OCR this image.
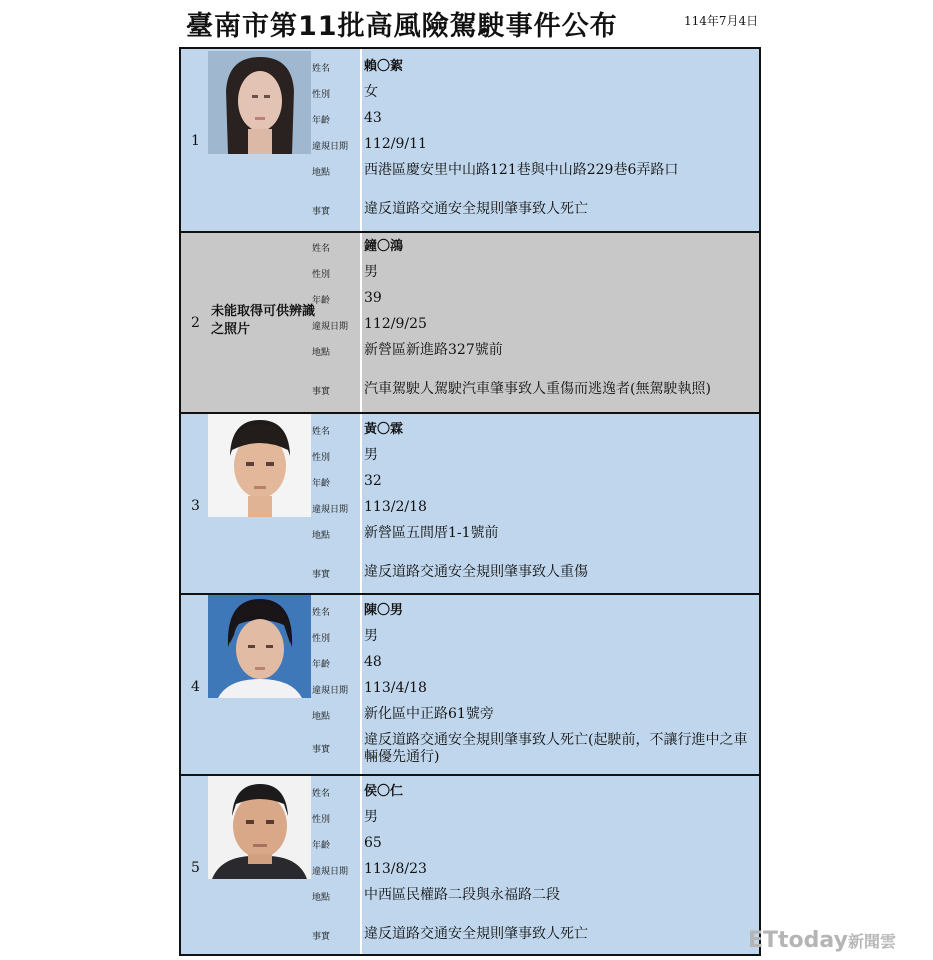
臺南市第11批高風險駕駛事件公布	114年7月4日
1
姓名	賴〇絮
性別 女
年齡 43
違規日期 112/9/11
地點 西港區慶安里中山路121巷與中山路229巷6弄路口
事實 違反道路交通安全規則肇事致人死亡
2
未能取得可供辨識之照片
姓名	鐘〇鴻
性別 男
年齡 39
違規日期 112/9/25
地點 新營區新進路327號前
事實 汽車駕駛人駕駛汽車肇事致人重傷而逃逸者(無駕駛執照)
3
姓名	黃〇霖
性別 男
年齡 32
違規日期 113/2/18
地點 新營區五間厝1-1號前
事實 違反道路交通安全規則肇事致人重傷
4
姓名	陳〇男
性別 男
年齡 48
違規日期 113/4/18
地點 新化區中正路61號旁
事實
違反道路交通安全規則肇事致人死亡(起駛前，不讓行進中之車輛優先通行)
5
姓名	侯〇仁
性別 男
年齡 65
違規日期 113/8/23
地點 中西區民權路二段與永福路二段
事實 違反道路交通安全規則肇事致人死亡	ETtoday新聞雲
